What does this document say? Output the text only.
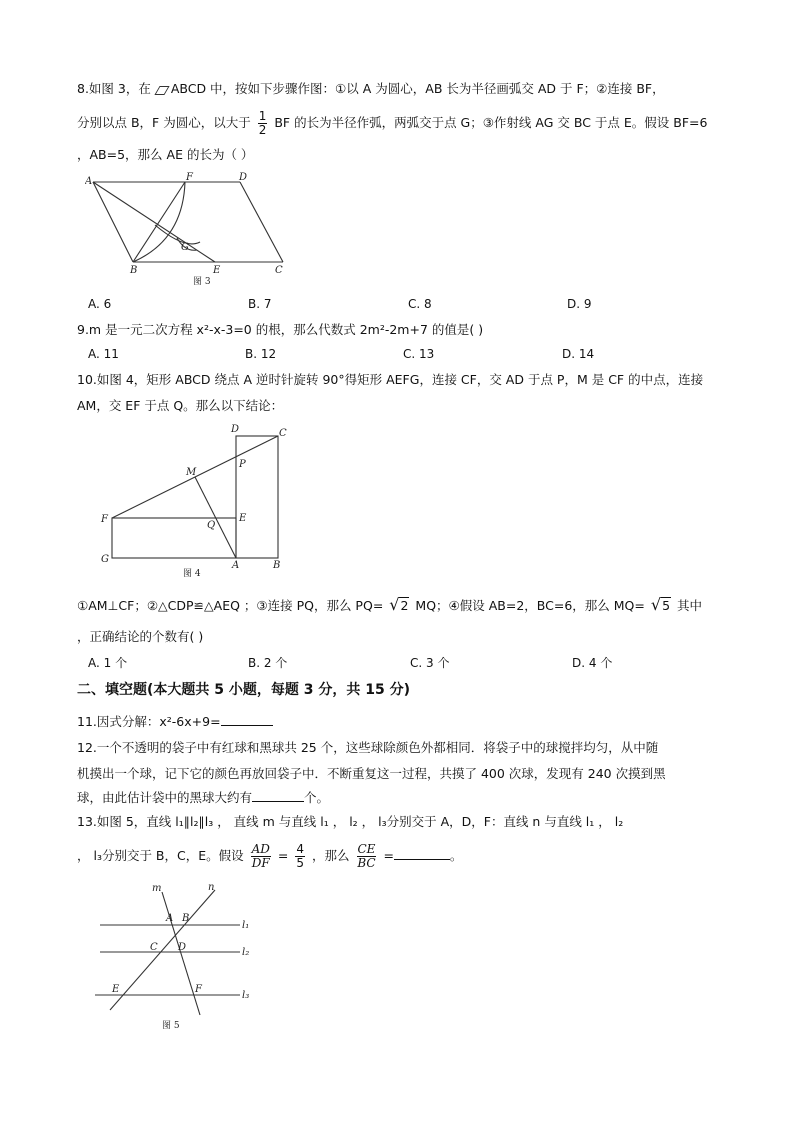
8.如图 3，在 ABCD 中，按如下步骤作图：①以 A 为圆心，AB 长为半径画弧交 AD 于 F；②连接 BF，
分别以点 B，F 为圆心，以大于 $\frac{1}{2}$ BF 的长为半径作弧，两弧交于点 G；③作射线 AG 交 BC 于点 E。假设 BF=6
，AB=5，那么 AE 的长为（ ）
A	F	D
G
B	E	C
图 3
A. 6	B. 7	C. 8	D. 9
9.m 是一元二次方程 x²-x-3=0 的根，那么代数式 2m²-2m+7 的值是( )
A. 11	B. 12	C. 13	D. 14
10.如图 4，矩形 ABCD 绕点 A 逆时针旋转 90°得矩形 AEFG，连接 CF，交 AD 于点 P，M 是 CF 的中点，连接
AM，交 EF 于点 Q。那么以下结论：
D	C
P
M
F
Q
E
G
A	B
图 4
①AM⊥CF；②△CDP≌△AEQ ；③连接 PQ，那么 PQ= √2 MQ；④假设 AB=2，BC=6，那么 MQ= √5 其中
，正确结论的个数有( )
A. 1 个	B. 2 个	C. 3 个	D. 4 个
二、填空题(本大题共 5 小题，每题 3 分，共 15 分)
11.因式分解：x²-6x+9=
12.一个不透明的袋子中有红球和黑球共 25 个，这些球除颜色外都相同．将袋子中的球搅拌均匀，从中随
机摸出一个球，记下它的颜色再放回袋子中．不断重复这一过程，共摸了 400 次球，发现有 240 次摸到黑
球，由此估计袋中的黑球大约有	个。
13.如图 5，直线 l₁∥l₂∥l₃ ， 直线 m 与直线 l₁ ， l₂ ， l₃分别交于 A，D，F：直线 n 与直线 l₁ ， l₂
， l₃分别交于 B，C，E。假设 $\frac{AD}{DF} = \frac{4}{5}$ ，那么 $\frac{CE}{BC}$ =	。
m	n
A B
C D
E	F
l₁
l₂
l₃
图 5
